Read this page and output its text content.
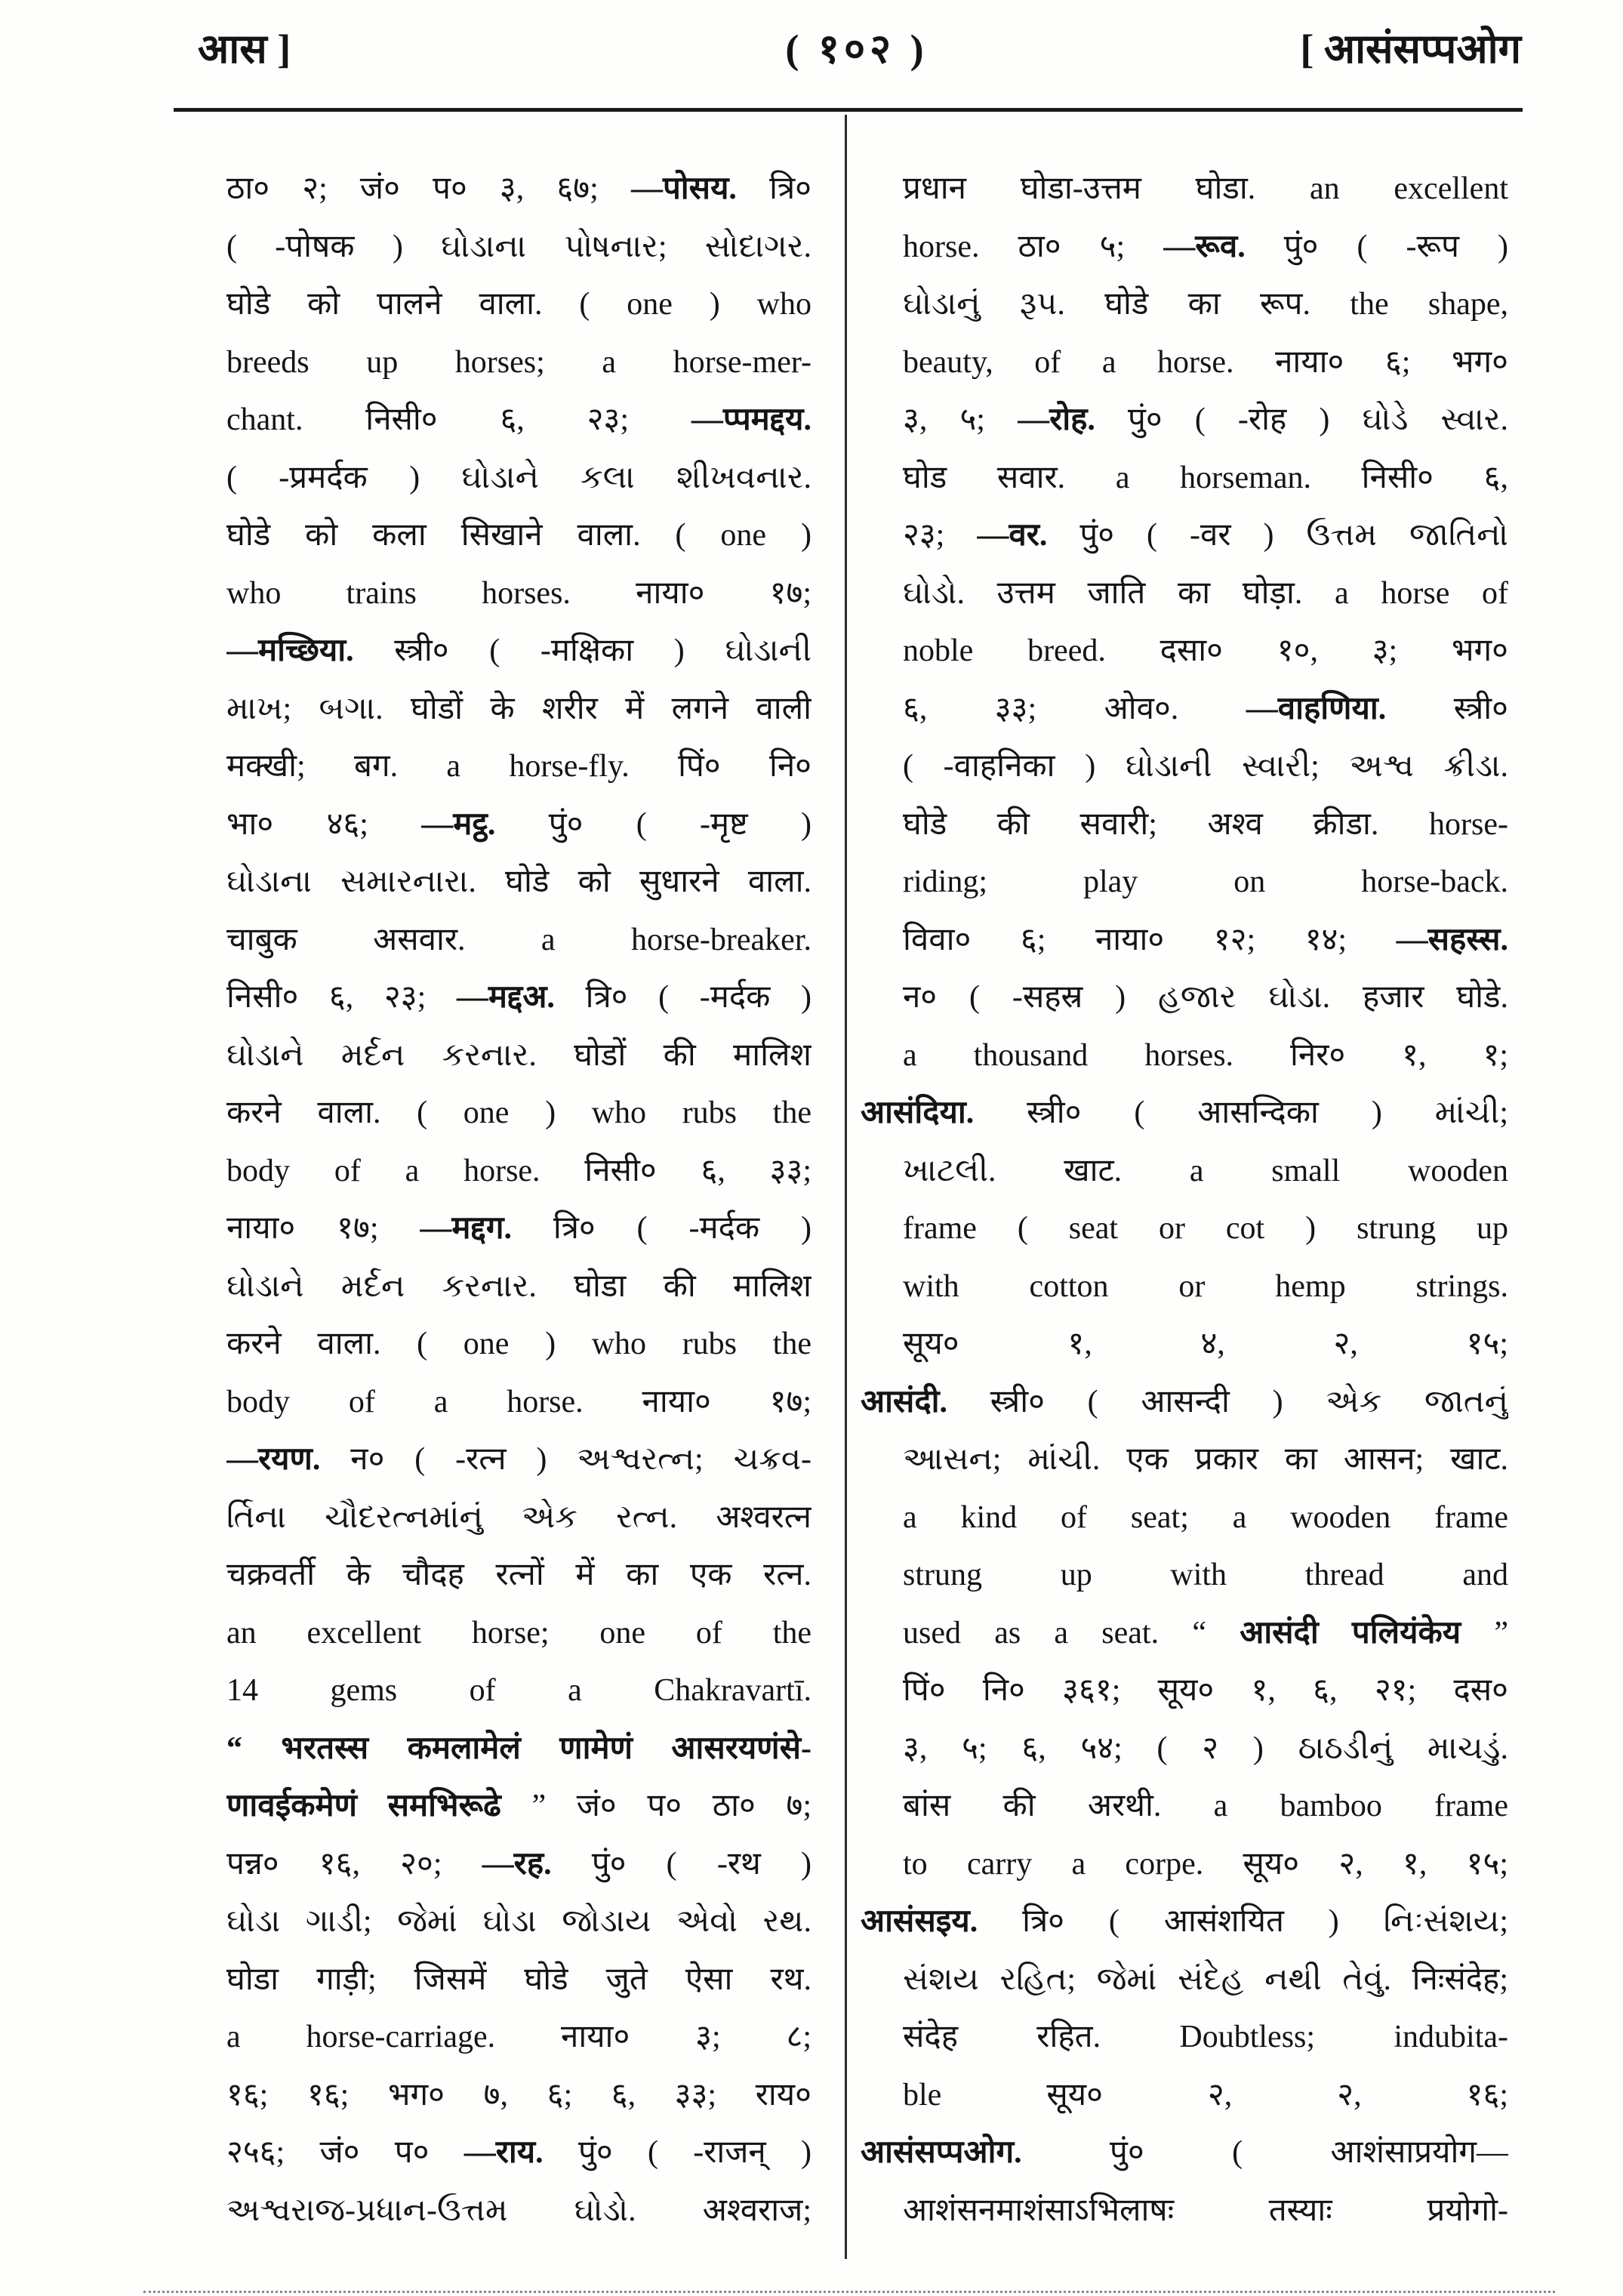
आस ]	( १०२ )	[ आसंसप्पओग
ठा० २; जं० प० ३, ६७; —पोसय. त्रि०
( -पोषक ) ઘોડાના પોષનાર; સોદાગર.
घोडे को पालने वाला. ( one ) who
breeds up horses; a horse-mer-
chant. निसी० ६, २३; —प्पमद्दय.
( -प्रमर्दक ) ઘોડાને કલા શીખવનાર.
घोडे को कला सिखाने वाला. ( one )
who trains horses. नाया० १७;
—मच्छिया. स्त्री० ( -मक्षिका ) ઘોડાની
માખ; બગા. घोडों के शरीर में लगने वाली
मक्खी; बग. a horse-fly. पिं० नि०
भा० ४६; —मट्ठ. पुं० ( -मृष्ट )
ઘોડાના સમારનારા. घोडे को सुधारने वाला.
चाबुक असवार. a horse-breaker.
निसी० ६, २३; —मद्दअ. त्रि० ( -मर्दक )
ઘોડાને મર્દન કરનાર. घोडों की मालिश
करने वाला. ( one ) who rubs the
body of a horse. निसी० ६, ३३;
नाया० १७; —मद्दग. त्रि० ( -मर्दक )
ઘોડાને મર્દન કરનાર. घोडा की मालिश
करने वाला. ( one ) who rubs the
body of a horse. नाया० १७;
—रयण. न० ( -रत्न ) અશ્વરત્ન; ચક્રવ-
ર્તિના ચૌદરત્નમાંનું એક રત્ન. अश्वरत्न
चक्रवर्ती के चौदह रत्नों में का एक रत्न.
an excellent horse; one of the
14 gems of a Chakravartī.
“ भरतस्स कमलामेलं णामेणं आसरयणंसे-
णावईकमेणं समभिरूढे ” जं० प० ठा० ७;
पन्न० १६, २०; —रह. पुं० ( -रथ )
ઘોડા ગાડી; જેમાં ઘોડા જોડાય એવો રથ.
घोडा गाड़ी; जिसमें घोडे जुते ऐसा रथ.
a horse-carriage. नाया० ३; ८;
१६; १६; भग० ७, ६; ६, ३३; राय०
२५६; जं० प० —राय. पुं० ( -राजन् )
અશ્વરાજ-પ્રધાન-ઉત્તમ ઘોડો. अश्वराज;
प्रधान घोडा-उत्तम घोडा. an excellent
horse. ठा० ५; —रूव. पुं० ( -रूप )
ઘોડાનું રૂપ. घोडे का रूप. the shape,
beauty, of a horse. नाया० ६; भग०
३, ५; —रोह. पुं० ( -रोह ) ઘોડે સ્વાર.
घोड सवार. a horseman. निसी० ६,
२३; —वर. पुं० ( -वर ) ઉત્તમ જાતિનો
ઘોડો. उत्तम जाति का घोड़ा. a horse of
noble breed. दसा० १०, ३; भग०
६, ३३; ओव०. —वाहणिया. स्त्री०
( -वाहनिका ) ઘોડાની સ્વારી; અશ્વ ક્રીડા.
घोडे की सवारी; अश्व क्रीडा. horse-
riding; play on horse-back.
विवा० ६; नाया० १२; १४; —सहस्स.
न० ( -सहस्र ) હજાર ઘોડા. हजार घोडे.
a thousand horses. निर० १, १;
आसंदिया. स्त्री० ( आसन्दिका ) માંચી;
ખાટલી. खाट. a small wooden
frame ( seat or cot ) strung up
with cotton or hemp strings.
सूय० १, ४, २, १५;
आसंदी. स्त्री० ( आसन्दी ) એક જાતનું
આસન; માંચી. एक प्रकार का आसन; खाट.
a kind of seat; a wooden frame
strung up with thread and
used as a seat. “ आसंदी पलियंकेय ”
पिं० नि० ३६१; सूय० १, ६, २१; दस०
३, ५; ६, ५४; ( २ ) ઠાઠડીનું માચડું.
बांस की अरथी. a bamboo frame
to carry a corpe. सूय० २, १, १५;
आसंसइय. त्रि० ( आसंशयित ) નિઃસંશય;
સંશય રહિત; જેમાં સંદેહ નથી તેવું. निःसंदेह;
संदेह रहित. Doubtless; indubita-
ble सूय० २, २, १६;
आसंसप्पओग. पुं० ( आशंसाप्रयोग—
आशंसनमाशंसाऽभिलाषः तस्याः प्रयोगो-
